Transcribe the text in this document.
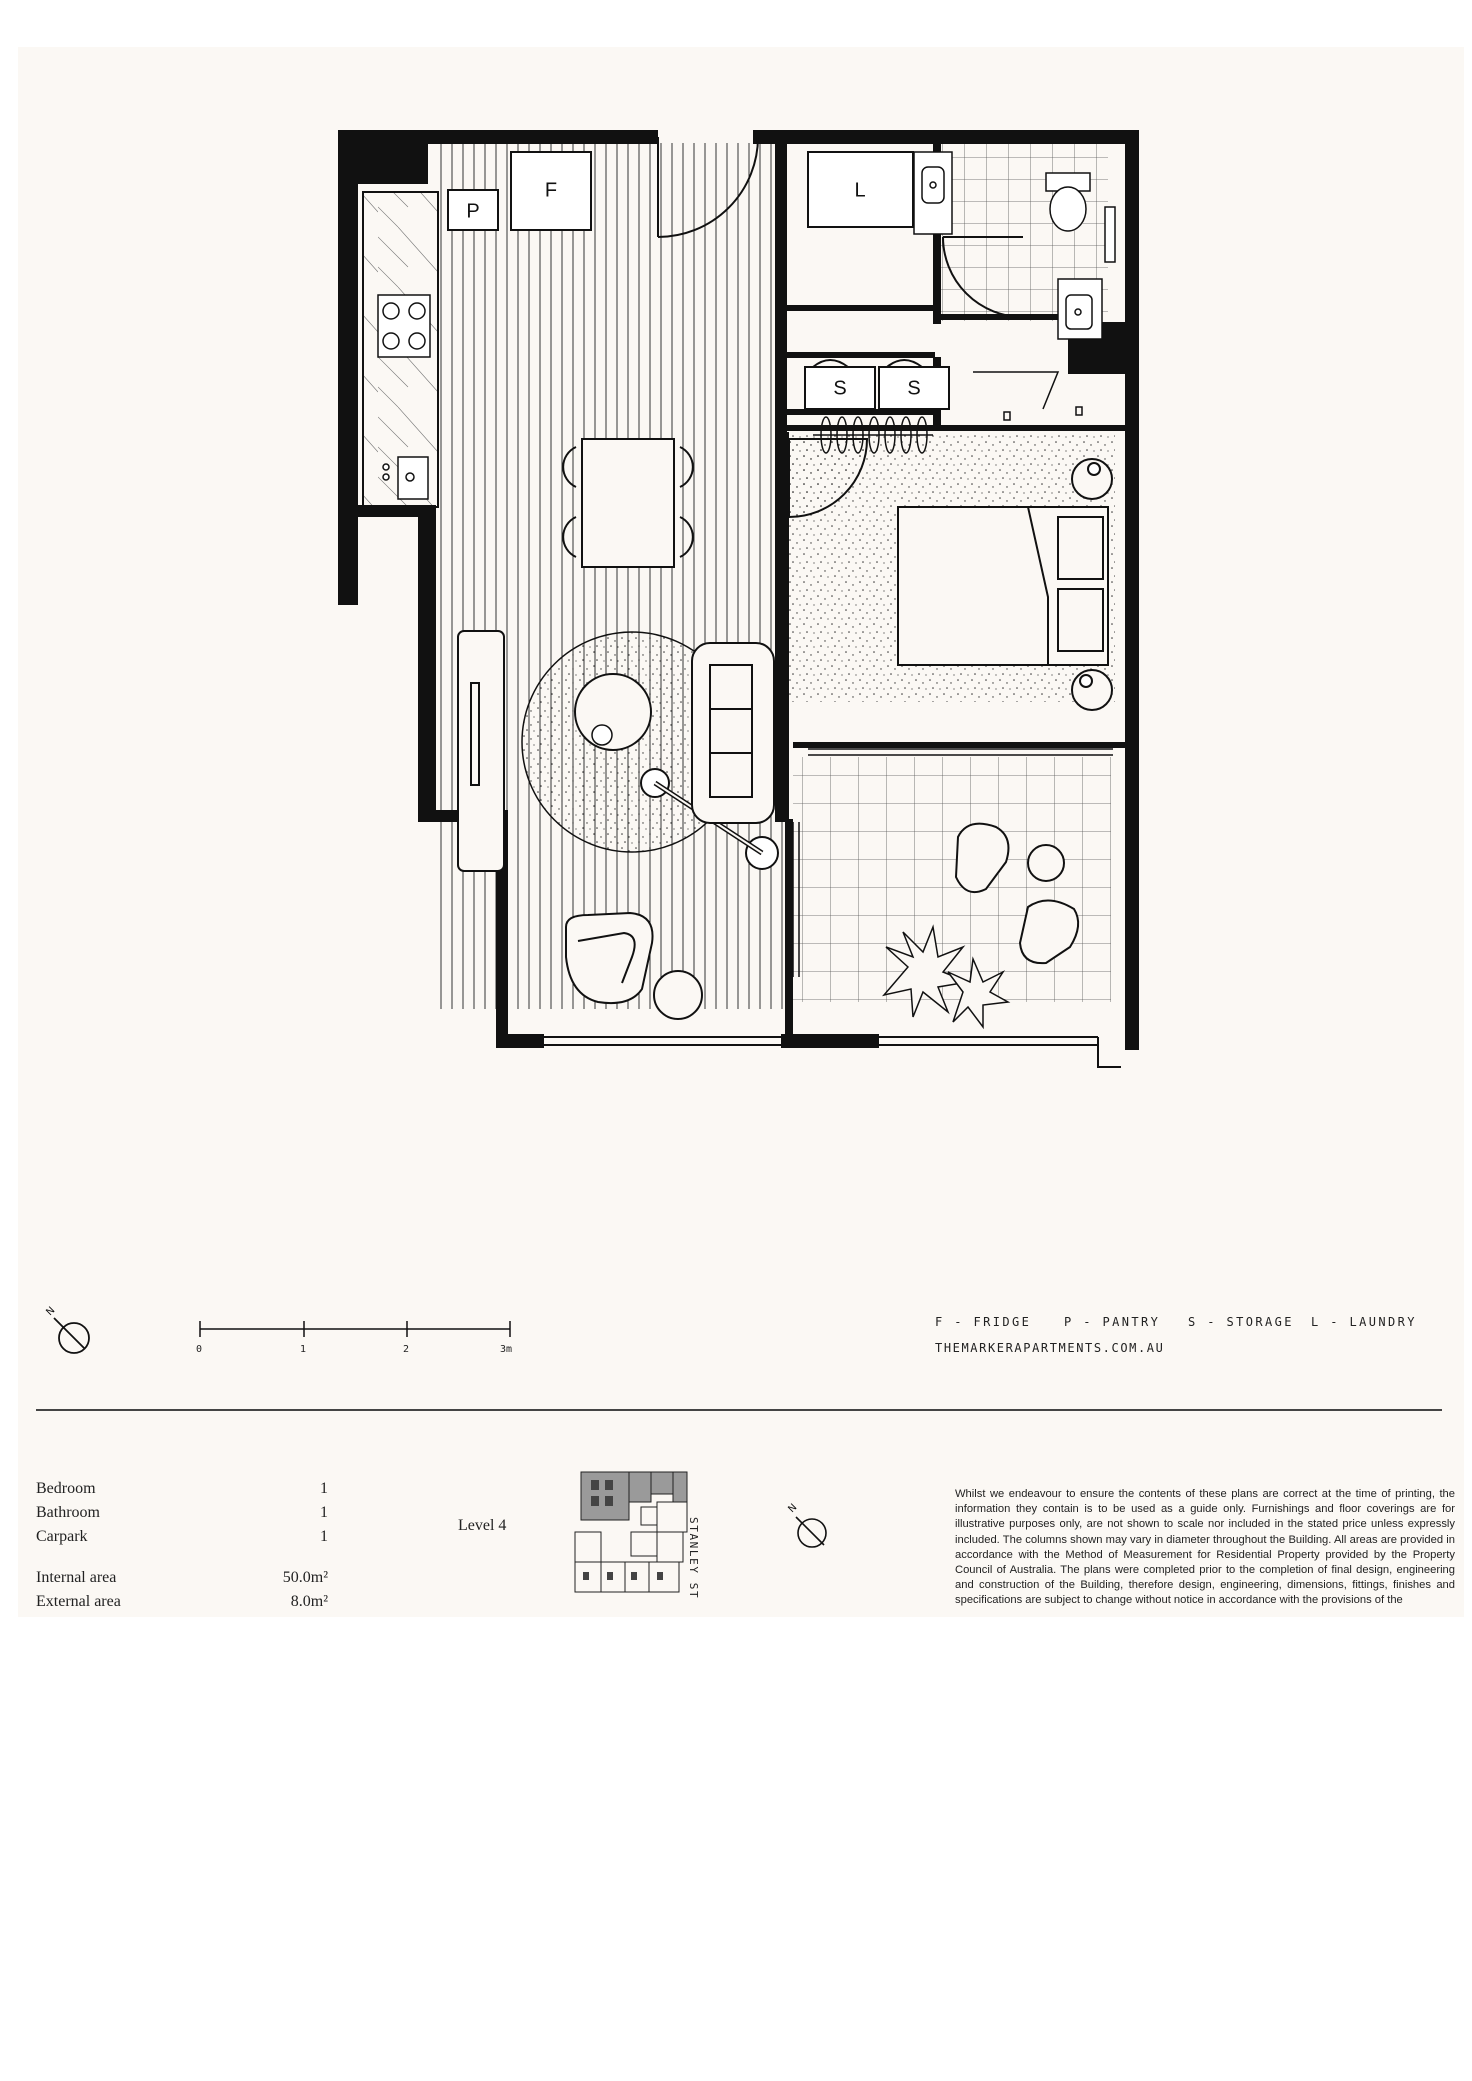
P
F	L
S	S
N
0	1	2	3m
F - FRIDGE	P - PANTRY S - STORAGE L - LAUNDRY
THEMARKERAPARTMENTS.COM.AU
Bedroom	1
Bathroom	1
Carpark	1
Internal area	50.0m²
External area	8.0m²
Level 4	STANLEY ST
N
Whilst we endeavour to ensure the contents of these plans are correct at the time of printing, the information they contain is to be used as a guide only. Furnishings and floor coverings are for illustrative purposes only, are not shown to scale nor included in the stated price unless expressly included. The columns shown may vary in diameter throughout the Building. All areas are provided in accordance with the Method of Measurement for Residential Property provided by the Property Council of Australia. The plans were completed prior to the completion of final design, engineering and construction of the Building, therefore design, engineering, dimensions, fittings, finishes and specifications are subject to change without notice in accordance with the provisions of the
